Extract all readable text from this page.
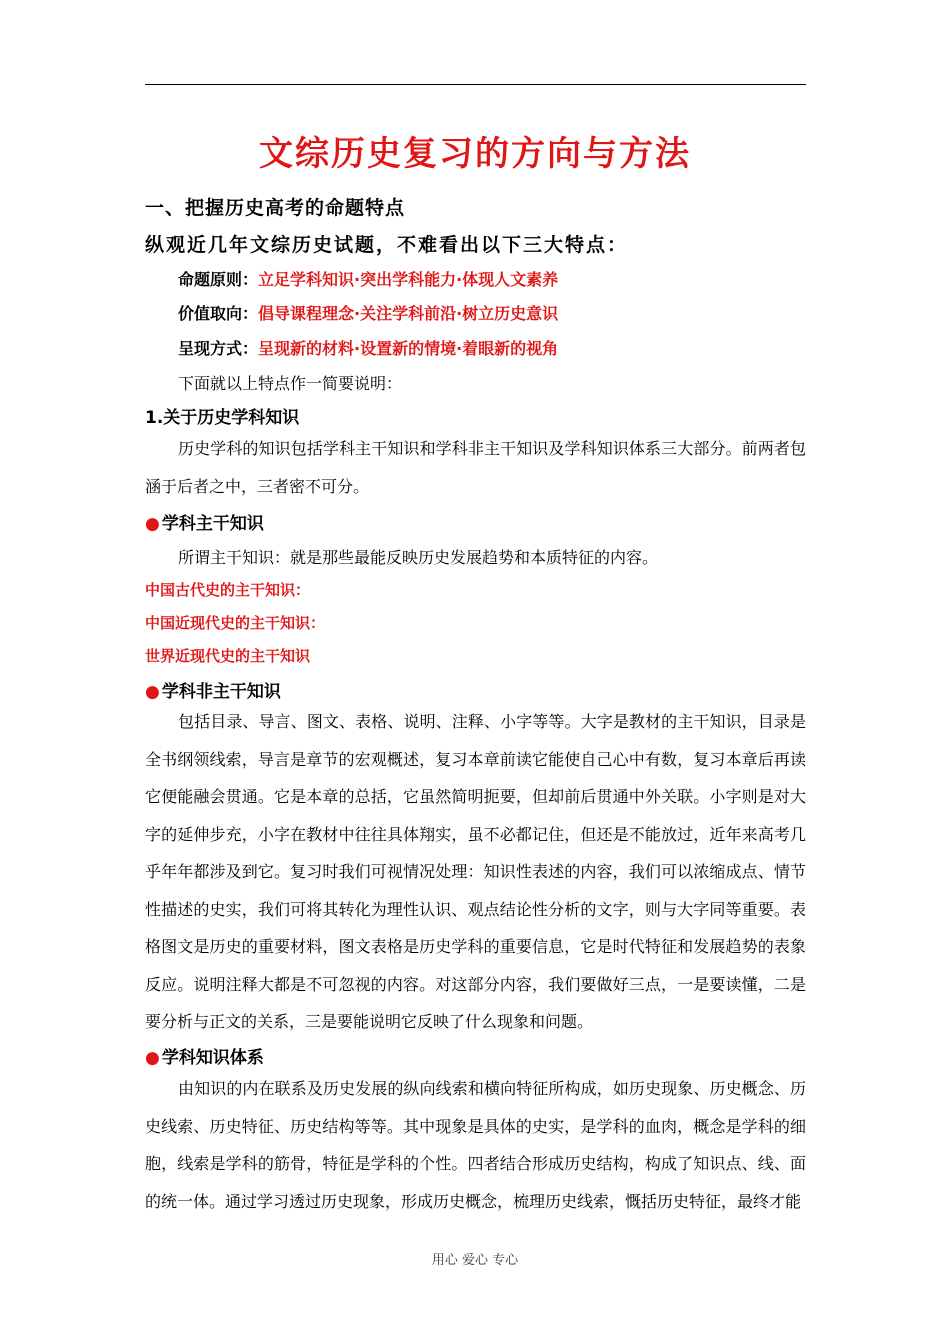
文综历史复习的方向与方法
一、把握历史高考的命题特点
纵观近几年文综历史试题，不难看出以下三大特点：
命题原则：立足学科知识·突出学科能力·体现人文素养
价值取向：倡导课程理念·关注学科前沿·树立历史意识
呈现方式：呈现新的材料·设置新的情境·着眼新的视角
下面就以上特点作一简要说明：
1.关于历史学科知识

历史学科的知识包括学科主干知识和学科非主干知识及学科知识体系三大部分。前两者包涵于后者之中，三者密不可分。

● 学科主干知识
所谓主干知识：就是那些最能反映历史发展趋势和本质特征的内容。
中国古代史的主干知识：
中国近现代史的主干知识：
世界近现代史的主干知识
● 学科非主干知识

包括目录、导言、图文、表格、说明、注释、小字等等。大字是教材的主干知识，目录是全书纲领线索，导言是章节的宏观概述，复习本章前读它能使自己心中有数，复习本章后再读它便能融会贯通。它是本章的总括，它虽然简明扼要，但却前后贯通中外关联。小字则是对大字的延伸步充，小字在教材中往往具体翔实，虽不必都记住，但还是不能放过，近年来高考几乎年年都涉及到它。复习时我们可视情况处理：知识性表述的内容，我们可以浓缩成点、情节性描述的史实，我们可将其转化为理性认识、观点结论性分析的文字，则与大字同等重要。表格图文是历史的重要材料，图文表格是历史学科的重要信息，它是时代特征和发展趋势的表象反应。说明注释大都是不可忽视的内容。对这部分内容，我们要做好三点，一是要读懂，二是要分析与正文的关系，三是要能说明它反映了什么现象和问题。

● 学科知识体系

由知识的内在联系及历史发展的纵向线索和横向特征所构成，如历史现象、历史概念、历史线索、历史特征、历史结构等等。其中现象是具体的史实，是学科的血肉，概念是学科的细胞，线索是学科的筋骨，特征是学科的个性。四者结合形成历史结构，构成了知识点、线、面的统一体。通过学习透过历史现象，形成历史概念，梳理历史线索，慨括历史特征，最终才能

用心 爱心 专心
